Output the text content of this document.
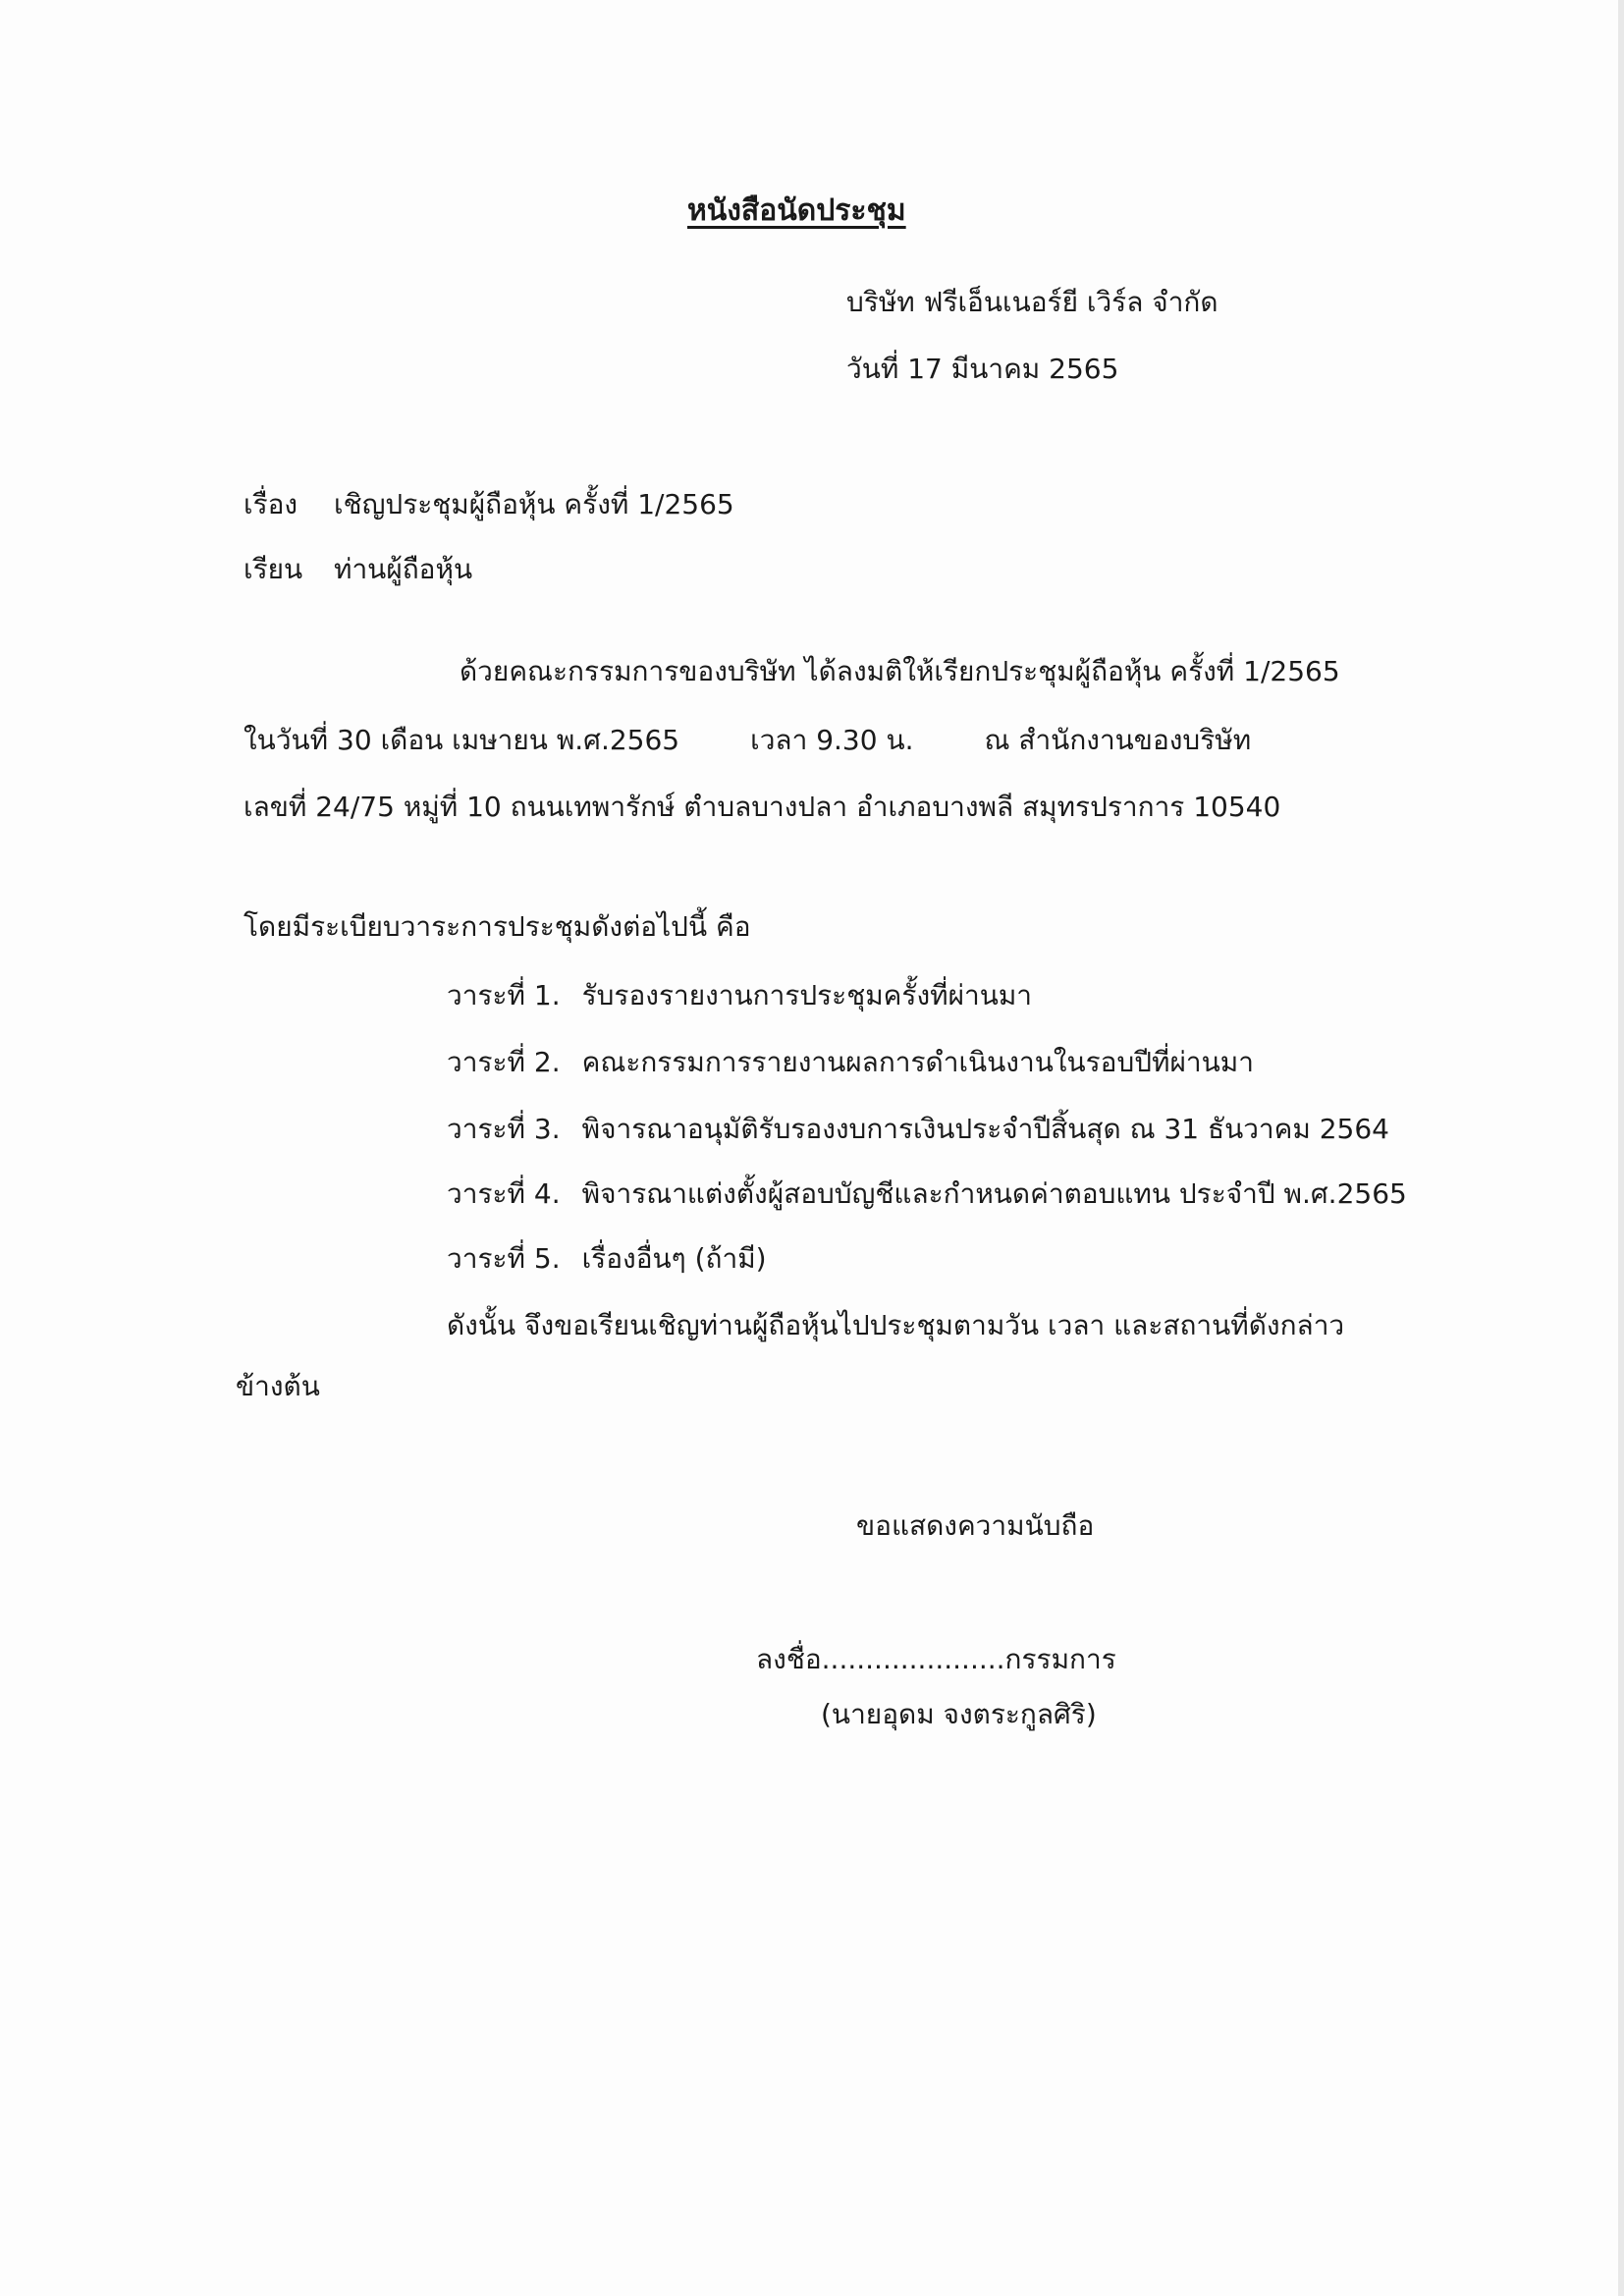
หนังสือนัดประชุม
บริษัท ฟรีเอ็นเนอร์ยี เวิร์ล จำกัด
วันที่ 17 มีนาคม 2565
เรื่อง เชิญประชุมผู้ถือหุ้น ครั้งที่ 1/2565
เรียน ท่านผู้ถือหุ้น
ด้วยคณะกรรมการของบริษัท ได้ลงมติให้เรียกประชุมผู้ถือหุ้น ครั้งที่ 1/2565
ในวันที่ 30 เดือน เมษายน พ.ศ.2565	เวลา 9.30 น.	ณ สำนักงานของบริษัท
เลขที่ 24/75 หมู่ที่ 10 ถนนเทพารักษ์ ตำบลบางปลา อำเภอบางพลี สมุทรปราการ 10540
โดยมีระเบียบวาระการประชุมดังต่อไปนี้ คือ
วาระที่ 1. รับรองรายงานการประชุมครั้งที่ผ่านมา
วาระที่ 2. คณะกรรมการรายงานผลการดำเนินงานในรอบปีที่ผ่านมา
วาระที่ 3. พิจารณาอนุมัติรับรองงบการเงินประจำปีสิ้นสุด ณ 31 ธันวาคม 2564
วาระที่ 4. พิจารณาแต่งตั้งผู้สอบบัญชีและกำหนดค่าตอบแทน ประจำปี พ.ศ.2565
วาระที่ 5. เรื่องอื่นๆ (ถ้ามี)
ดังนั้น จึงขอเรียนเชิญท่านผู้ถือหุ้นไปประชุมตามวัน เวลา และสถานที่ดังกล่าว
ข้างต้น
ขอแสดงความนับถือ
ลงชื่อ.....................กรรมการ
(นายอุดม จงตระกูลศิริ)
